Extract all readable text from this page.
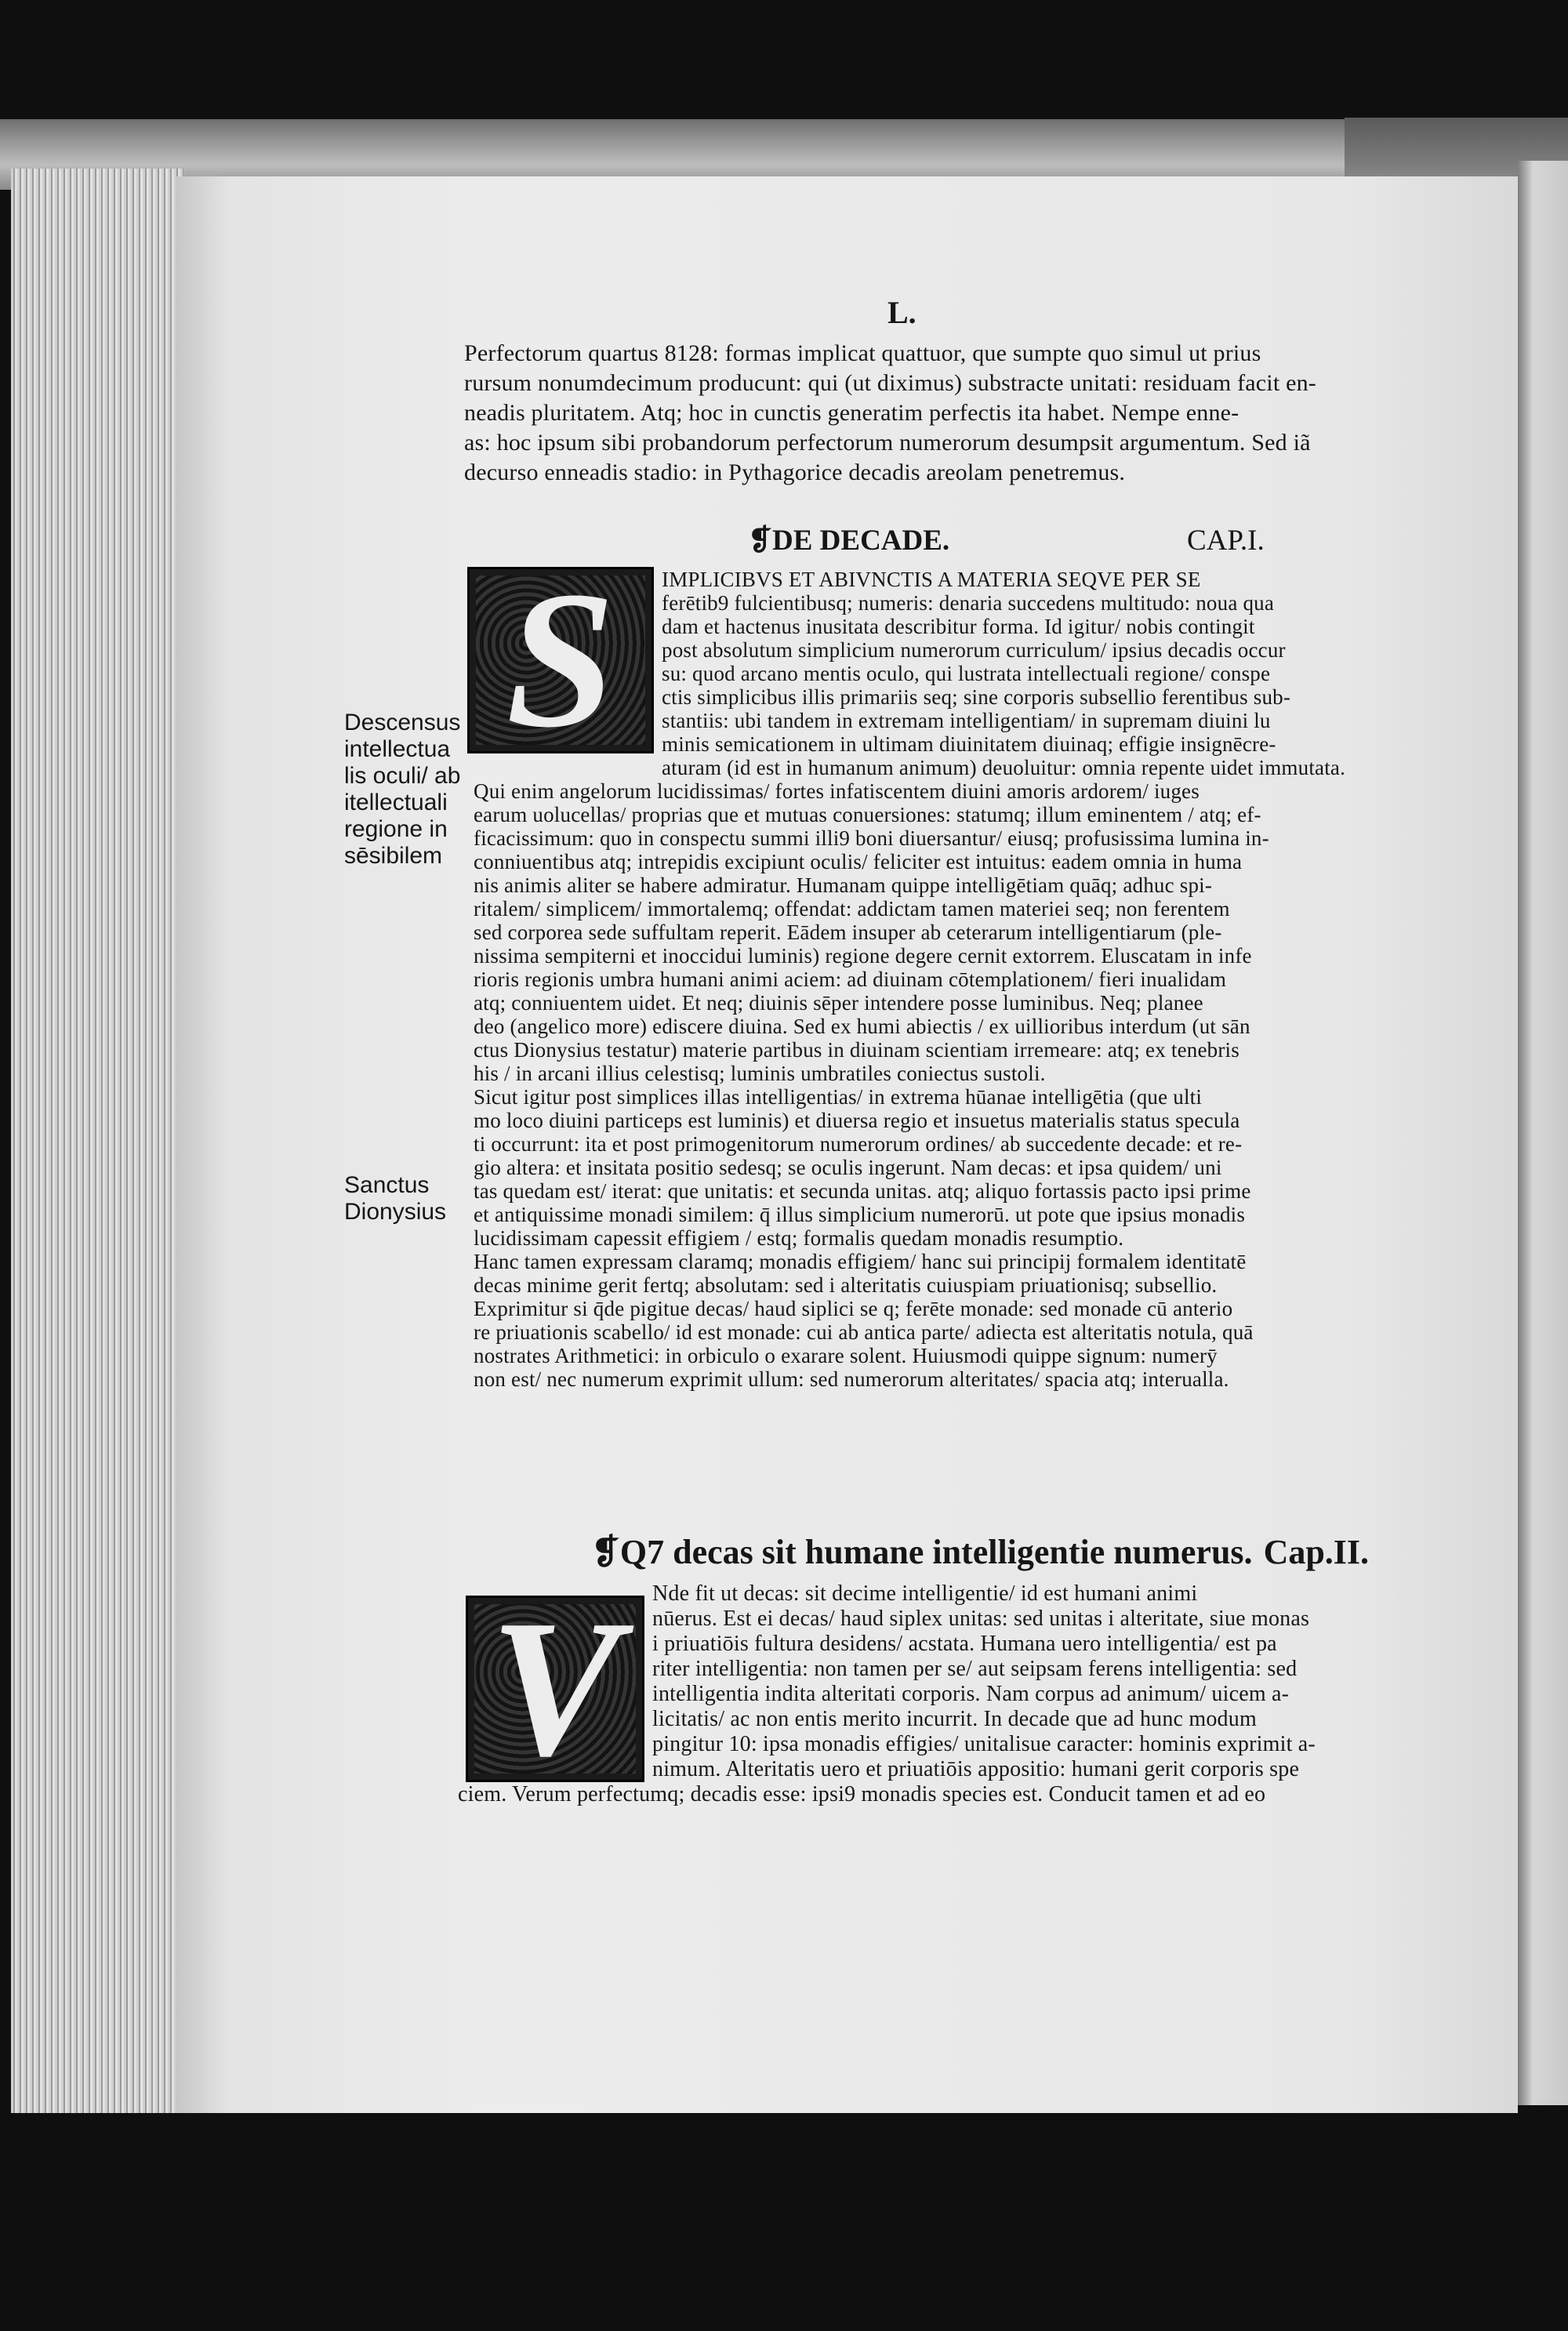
L.
Perfectorum quartus 8128: formas implicat quattuor, que sumpte quo simul ut prius
rursum nonumdecimum producunt: qui (ut diximus) substracte unitati: residuam facit en-
neadis pluritatem. Atq; hoc in cunctis generatim perfectis ita habet. Nempe enne-
as: hoc ipsum sibi probandorum perfectorum numerorum desumpsit argumentum. Sed iã
decurso enneadis stadio: in Pythagorice decadis areolam penetremus.
❡DE DECADE.	CAP.I.
S	IMPLICIBVS ET ABIVNCTIS A MATERIA SEQVE PER SE
ferētib9 fulcientibusq; numeris: denaria succedens multitudo: noua qua
dam et hactenus inusitata describitur forma. Id igitur/ nobis contingit
post absolutum simplicium numerorum curriculum/ ipsius decadis occur
su: quod arcano mentis oculo, qui lustrata intellectuali regione/ conspe
ctis simplicibus illis primariis seq; sine corporis subsellio ferentibus sub-
stantiis: ubi tandem in extremam intelligentiam/ in supremam diuini lu
minis semicationem in ultimam diuinitatem diuinaq; effigie insignēcre-
aturam (id est in humanum animum) deuoluitur: omnia repente uidet immutata.
Qui enim angelorum lucidissimas/ fortes infatiscentem diuini amoris ardorem/ iuges
earum uolucellas/ proprias que et mutuas conuersiones: statumq; illum eminentem / atq; ef-
ficacissimum: quo in conspectu summi illi9 boni diuersantur/ eiusq; profusissima lumina in-
conniuentibus atq; intrepidis excipiunt oculis/ feliciter est intuitus: eadem omnia in huma
nis animis aliter se habere admiratur. Humanam quippe intelligētiam quāq; adhuc spi-
ritalem/ simplicem/ immortalemq; offendat: addictam tamen materiei seq; non ferentem
sed corporea sede suffultam reperit. Eādem insuper ab ceterarum intelligentiarum (ple-
nissima sempiterni et inoccidui luminis) regione degere cernit extorrem. Eluscatam in infe
rioris regionis umbra humani animi aciem: ad diuinam cōtemplationem/ fieri inualidam
atq; conniuentem uidet. Et neq; diuinis sēper intendere posse luminibus. Neq; planee
deo (angelico more) ediscere diuina. Sed ex humi abiectis / ex uillioribus interdum (ut sān
ctus Dionysius testatur) materie partibus in diuinam scientiam irremeare: atq; ex tenebris
his / in arcani illius celestisq; luminis umbratiles coniectus sustoli.
Sicut igitur post simplices illas intelligentias/ in extrema hūanae intelligētia (que ulti
mo loco diuini particeps est luminis) et diuersa regio et insuetus materialis status specula
ti occurrunt: ita et post primogenitorum numerorum ordines/ ab succedente decade: et re-
gio altera: et insitata positio sedesq; se oculis ingerunt. Nam decas: et ipsa quidem/ uni
tas quedam est/ iterat: que unitatis: et secunda unitas. atq; aliquo fortassis pacto ipsi prime
et antiquissime monadi similem: q̄ illus simplicium numerorū. ut pote que ipsius monadis
lucidissimam capessit effigiem / estq; formalis quedam monadis resumptio.
Hanc tamen expressam claramq; monadis effigiem/ hanc sui principij formalem identitatē
decas minime gerit fertq; absolutam: sed i alteritatis cuiuspiam priuationisq; subsellio.
Exprimitur si q̄de pigitue decas/ haud siplici se q; ferēte monade: sed monade cū anterio
re priuationis scabello/ id est monade: cui ab antica parte/ adiecta est alteritatis notula, quā
nostrates Arithmetici: in orbiculo o exarare solent. Huiusmodi quippe signum: numerȳ
non est/ nec numerum exprimit ullum: sed numerorum alteritates/ spacia atq; interualla.
Descensus
intellectua
lis oculi/ ab
itellectuali
regione in
sēsibilem
Sanctus
Dionysius
❡Q7 decas sit humane intelligentie numerus. Cap.II.
V	Nde fit ut decas: sit decime intelligentie/ id est humani animi
nūerus. Est ei decas/ haud siplex unitas: sed unitas i alteritate, siue monas
i priuatiōis fultura desidens/ acstata. Humana uero intelligentia/ est pa
riter intelligentia: non tamen per se/ aut seipsam ferens intelligentia: sed
intelligentia indita alteritati corporis. Nam corpus ad animum/ uicem a-
licitatis/ ac non entis merito incurrit. In decade que ad hunc modum
pingitur 10: ipsa monadis effigies/ unitalisue caracter: hominis exprimit a-
nimum. Alteritatis uero et priuatiōis appositio: humani gerit corporis spe
ciem. Verum perfectumq; decadis esse: ipsi9 monadis species est. Conducit tamen et ad eo
